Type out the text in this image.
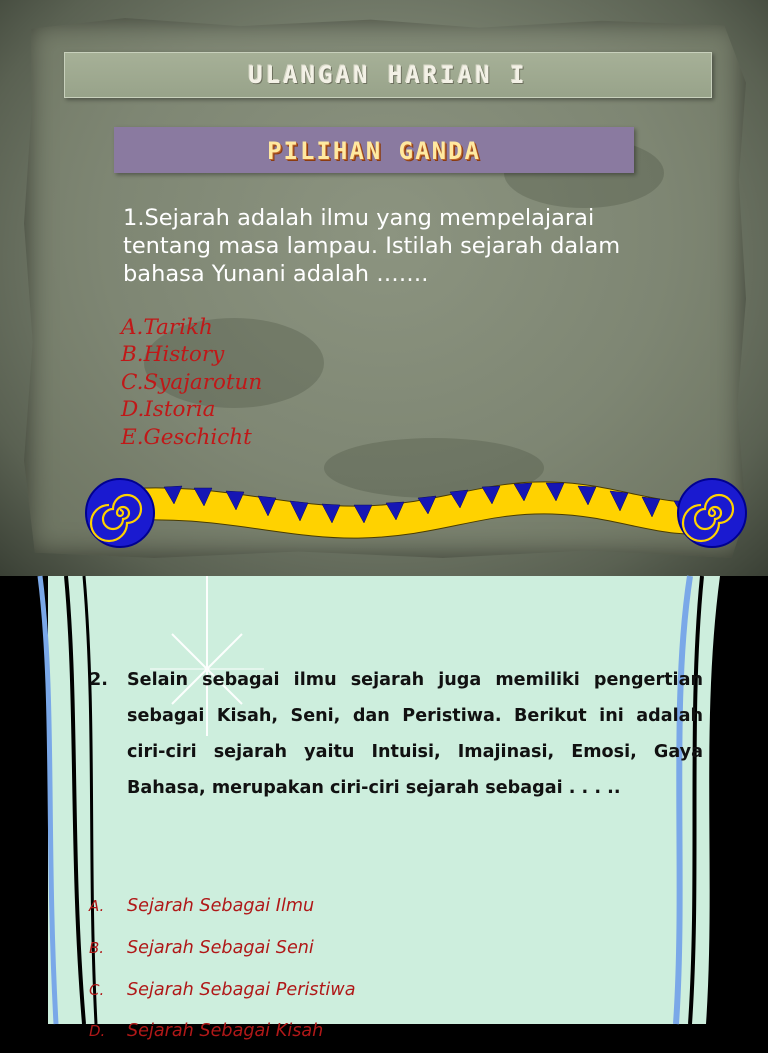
ULANGAN HARIAN I
PILIHAN GANDA

1.Sejarah adalah ilmu yang mempelajarai tentang masa lampau. Istilah sejarah dalam bahasa Yunani adalah …….

A.Tarikh
B.History
C.Syajarotun
D.Istoria
E.Geschicht
2. Selain sebagai ilmu sejarah juga memiliki pengertian sebagai Kisah, Seni, dan Peristiwa. Berikut ini adalah ciri-ciri sejarah yaitu Intuisi, Imajinasi, Emosi, Gaya Bahasa, merupakan ciri-ciri sejarah sebagai . . . ..
A. Sejarah Sebagai Ilmu
B. Sejarah Sebagai Seni
C. Sejarah Sebagai Peristiwa
D. Sejarah Sebagai Kisah
